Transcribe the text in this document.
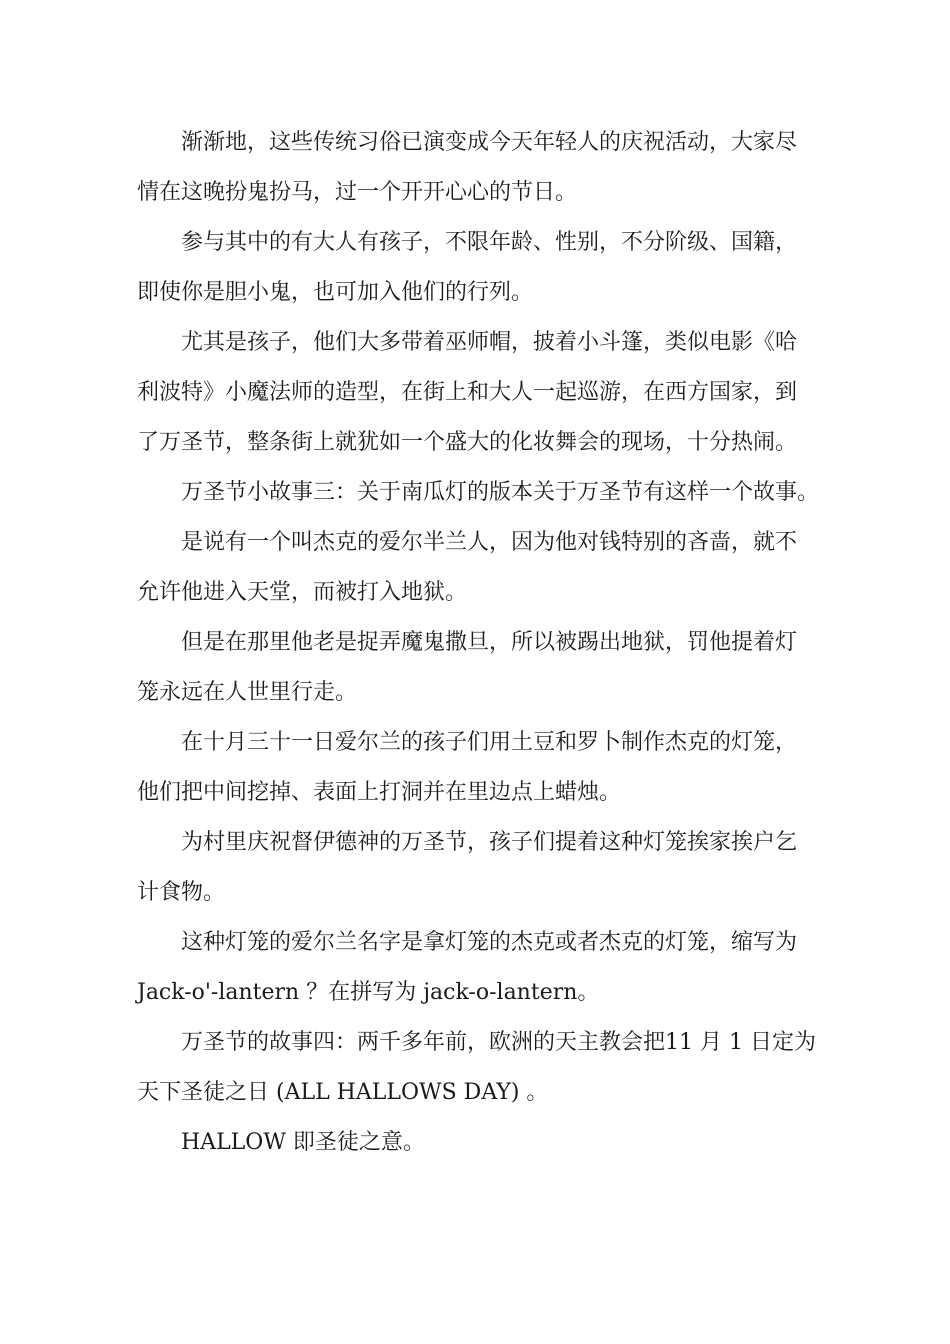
渐渐地，这些传统习俗已演变成今天年轻人的庆祝活动，大家尽
情在这晚扮鬼扮马，过一个开开心心的节日。

参与其中的有大人有孩子，不限年龄、性别，不分阶级、国籍，
即使你是胆小鬼，也可加入他们的行列。

尤其是孩子，他们大多带着巫师帽，披着小斗篷，类似电影《哈
利波特》小魔法师的造型，在街上和大人一起巡游，在西方国家，到
了万圣节，整条街上就犹如一个盛大的化妆舞会的现场，十分热闹。

万圣节小故事三：关于南瓜灯的版本关于万圣节有这样一个故事。

是说有一个叫杰克的爱尔半兰人，因为他对钱特别的吝啬，就不
允许他进入天堂，而被打入地狱。

但是在那里他老是捉弄魔鬼撒旦，所以被踢出地狱，罚他提着灯
笼永远在人世里行走。

在十月三十一日爱尔兰的孩子们用土豆和罗卜制作杰克的灯笼，
他们把中间挖掉、表面上打洞并在里边点上蜡烛。

为村里庆祝督伊德神的万圣节，孩子们提着这种灯笼挨家挨户乞
计食物。

这种灯笼的爱尔兰名字是拿灯笼的杰克或者杰克的灯笼，缩写为
Jack-o'-lantern ？在拼写为 jack-o-lantern。

万圣节的故事四：两千多年前，欧洲的天主教会把11 月 1 日定为
天下圣徒之日 (ALL HALLOWS DAY) 。

HALLOW 即圣徒之意。
